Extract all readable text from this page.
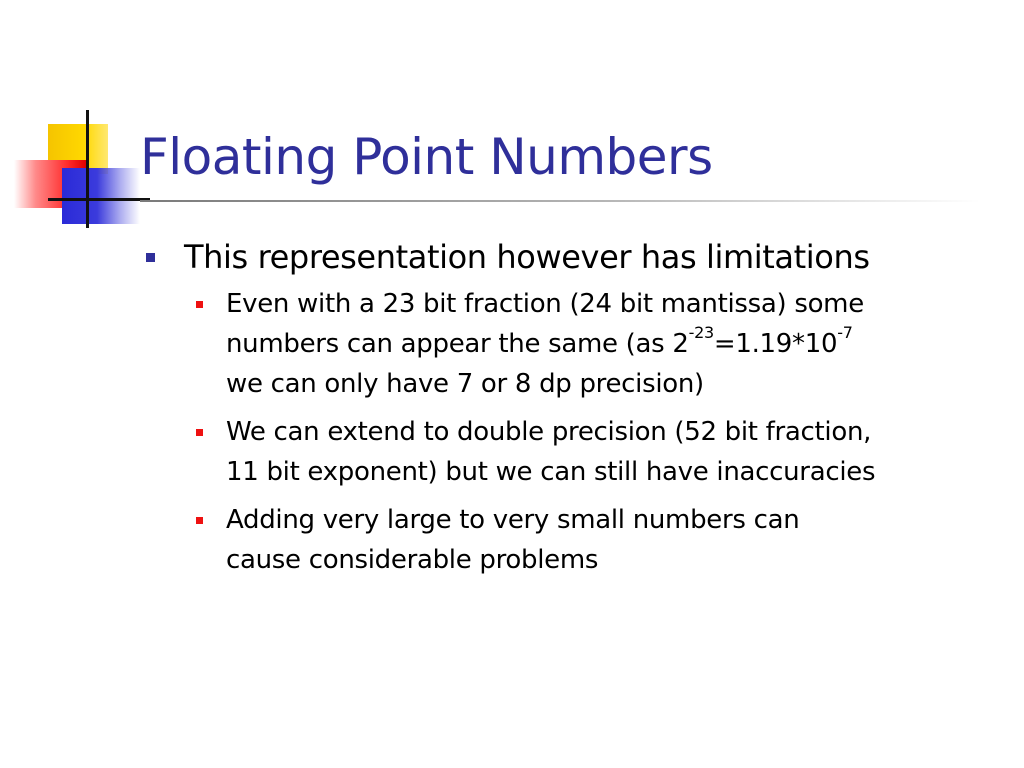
Floating Point Numbers
This representation however has limitations
Even with a 23 bit fraction (24 bit mantissa) some
numbers can appear the same (as $2^{-23}=1.19*10^{-7}$
we can only have 7 or 8 dp precision)
We can extend to double precision (52 bit fraction,
11 bit exponent) but we can still have inaccuracies
Adding very large to very small numbers can
cause considerable problems
